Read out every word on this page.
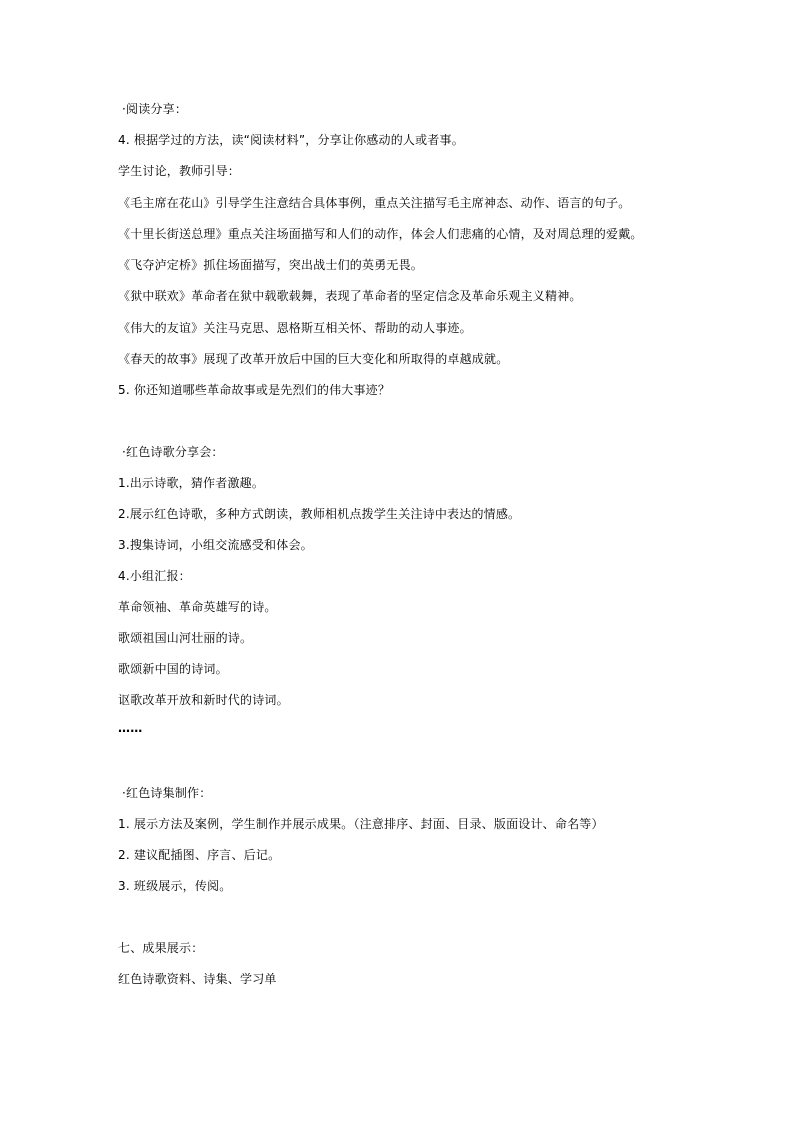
·阅读分享：
4. 根据学过的方法，读“阅读材料”，分享让你感动的人或者事。
学生讨论，教师引导：
《毛主席在花山》引导学生注意结合具体事例，重点关注描写毛主席神态、动作、语言的句子。
《十里长街送总理》重点关注场面描写和人们的动作，体会人们悲痛的心情，及对周总理的爱戴。
《飞夺泸定桥》抓住场面描写，突出战士们的英勇无畏。
《狱中联欢》革命者在狱中载歌载舞，表现了革命者的坚定信念及革命乐观主义精神。
《伟大的友谊》关注马克思、恩格斯互相关怀、帮助的动人事迹。
《春天的故事》展现了改革开放后中国的巨大变化和所取得的卓越成就。
5. 你还知道哪些革命故事或是先烈们的伟大事迹？
·红色诗歌分享会：
1.出示诗歌，猜作者激趣。
2.展示红色诗歌，多种方式朗读，教师相机点拨学生关注诗中表达的情感。
3.搜集诗词，小组交流感受和体会。
4.小组汇报：
革命领袖、革命英雄写的诗。
歌颂祖国山河壮丽的诗。
歌颂新中国的诗词。
讴歌改革开放和新时代的诗词。
……
·红色诗集制作：
1. 展示方法及案例，学生制作并展示成果。（注意排序、封面、目录、版面设计、命名等）
2. 建议配插图、序言、后记。
3. 班级展示，传阅。
七、成果展示：
红色诗歌资料、诗集、学习单
